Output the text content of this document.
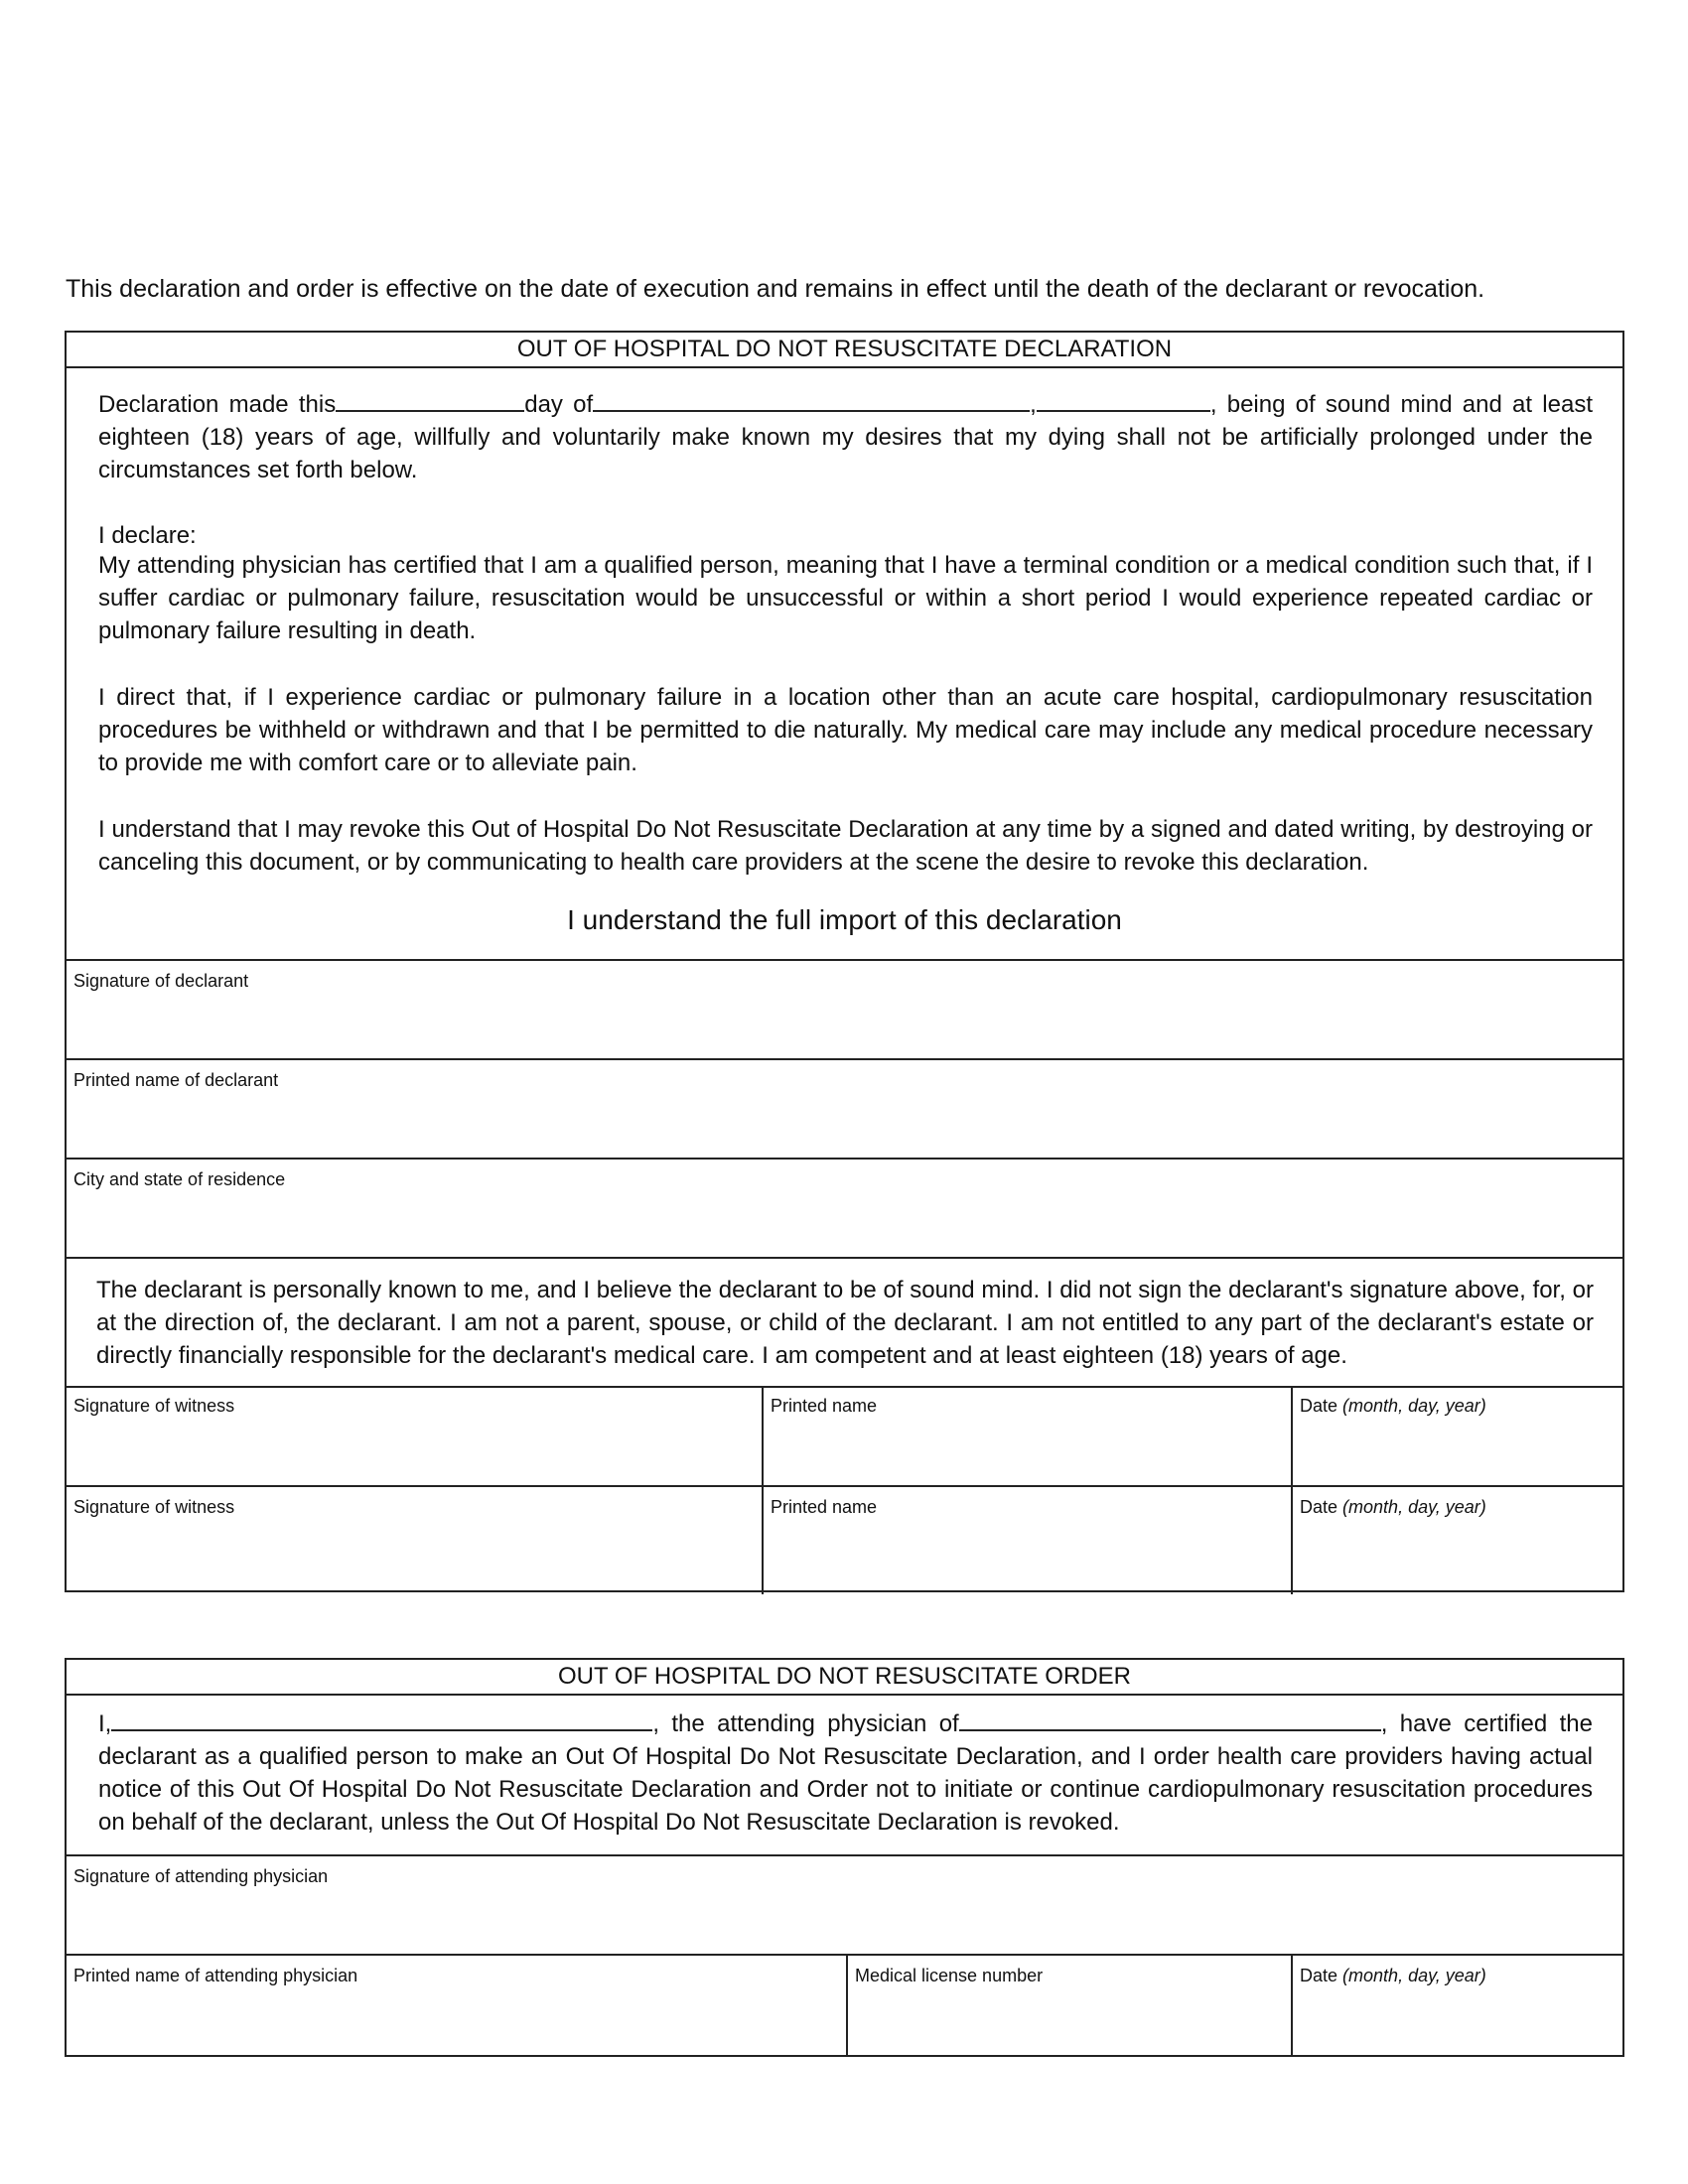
This declaration and order is effective on the date of execution and remains in effect until the death of the declarant or revocation.
OUT OF HOSPITAL DO NOT RESUSCITATE DECLARATION
Declaration made this	day of	,	, being of sound mind and at least eighteen (18) years of age, willfully and voluntarily make known my desires that my dying shall not be artificially prolonged under the circumstances set forth below.
I declare:
My attending physician has certified that I am a qualified person, meaning that I have a terminal condition or a medical condition such that, if I suffer cardiac or pulmonary failure, resuscitation would be unsuccessful or within a short period I would experience repeated cardiac or pulmonary failure resulting in death.
I direct that, if I experience cardiac or pulmonary failure in a location other than an acute care hospital, cardiopulmonary resuscitation procedures be withheld or withdrawn and that I be permitted to die naturally. My medical care may include any medical procedure necessary to provide me with comfort care or to alleviate pain.
I understand that I may revoke this Out of Hospital Do Not Resuscitate Declaration at any time by a signed and dated writing, by destroying or canceling this document, or by communicating to health care providers at the scene the desire to revoke this declaration.
I understand the full import of this declaration
Signature of declarant
Printed name of declarant
City and state of residence
The declarant is personally known to me, and I believe the declarant to be of sound mind. I did not sign the declarant's signature above, for, or at the direction of, the declarant. I am not a parent, spouse, or child of the declarant. I am not entitled to any part of the declarant's estate or directly financially responsible for the declarant's medical care. I am competent and at least eighteen (18) years of age.
Signature of witness	Printed name	Date (month, day, year)
Signature of witness	Printed name	Date (month, day, year)
OUT OF HOSPITAL DO NOT RESUSCITATE ORDER
I,	, the attending physician of	, have certified the declarant as a qualified person to make an Out Of Hospital Do Not Resuscitate Declaration, and I order health care providers having actual notice of this Out Of Hospital Do Not Resuscitate Declaration and Order not to initiate or continue cardiopulmonary resuscitation procedures on behalf of the declarant, unless the Out Of Hospital Do Not Resuscitate Declaration is revoked.
Signature of attending physician
Printed name of attending physician	Medical license number	Date (month, day, year)
